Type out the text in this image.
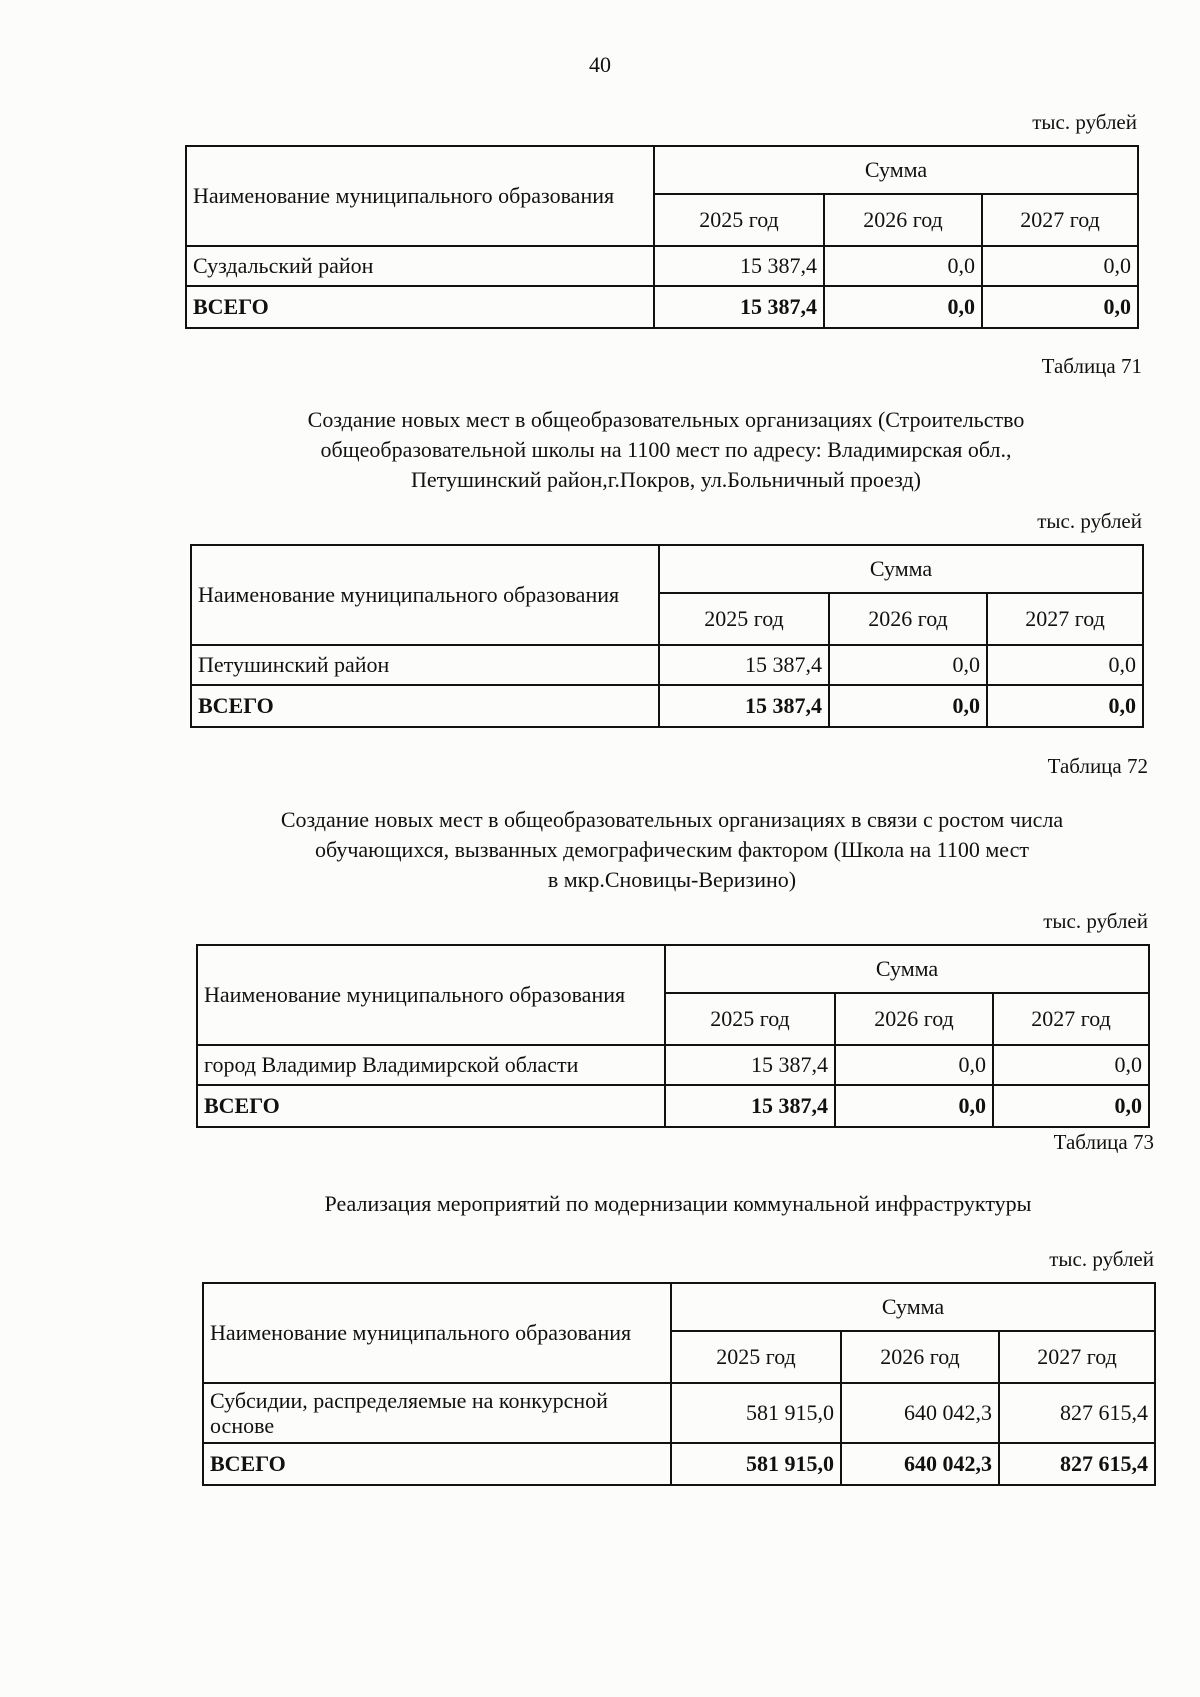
40
тыс. рублей
Наименование муниципального образования	Сумма		
	2025 год	2026 год	2027 год
Суздальский район	15 387,4	0,0	0,0
ВСЕГО	15 387,4	0,0	0,0
Таблица 71
Создание новых мест в общеобразовательных организациях (Строительство
общеобразовательной школы на 1100 мест по адресу: Владимирская обл.,
Петушинский район,г.Покров, ул.Больничный проезд)
тыс. рублей
Наименование муниципального образования	Сумма		
	2025 год	2026 год	2027 год
Петушинский район	15 387,4	0,0	0,0
ВСЕГО	15 387,4	0,0	0,0
Таблица 72
Создание новых мест в общеобразовательных организациях в связи с ростом числа
обучающихся, вызванных демографическим фактором (Школа на 1100 мест
в мкр.Сновицы-Веризино)
тыс. рублей
Наименование муниципального образования	Сумма		
	2025 год	2026 год	2027 год
город Владимир Владимирской области	15 387,4	0,0	0,0
ВСЕГО	15 387,4	0,0	0,0
Таблица 73
Реализация мероприятий по модернизации коммунальной инфраструктуры
тыс. рублей
Наименование муниципального образования	Сумма		
	2025 год	2026 год	2027 год
Субсидии, распределяемые на конкурсной основе	581 915,0	640 042,3	827 615,4
ВСЕГО	581 915,0	640 042,3	827 615,4
